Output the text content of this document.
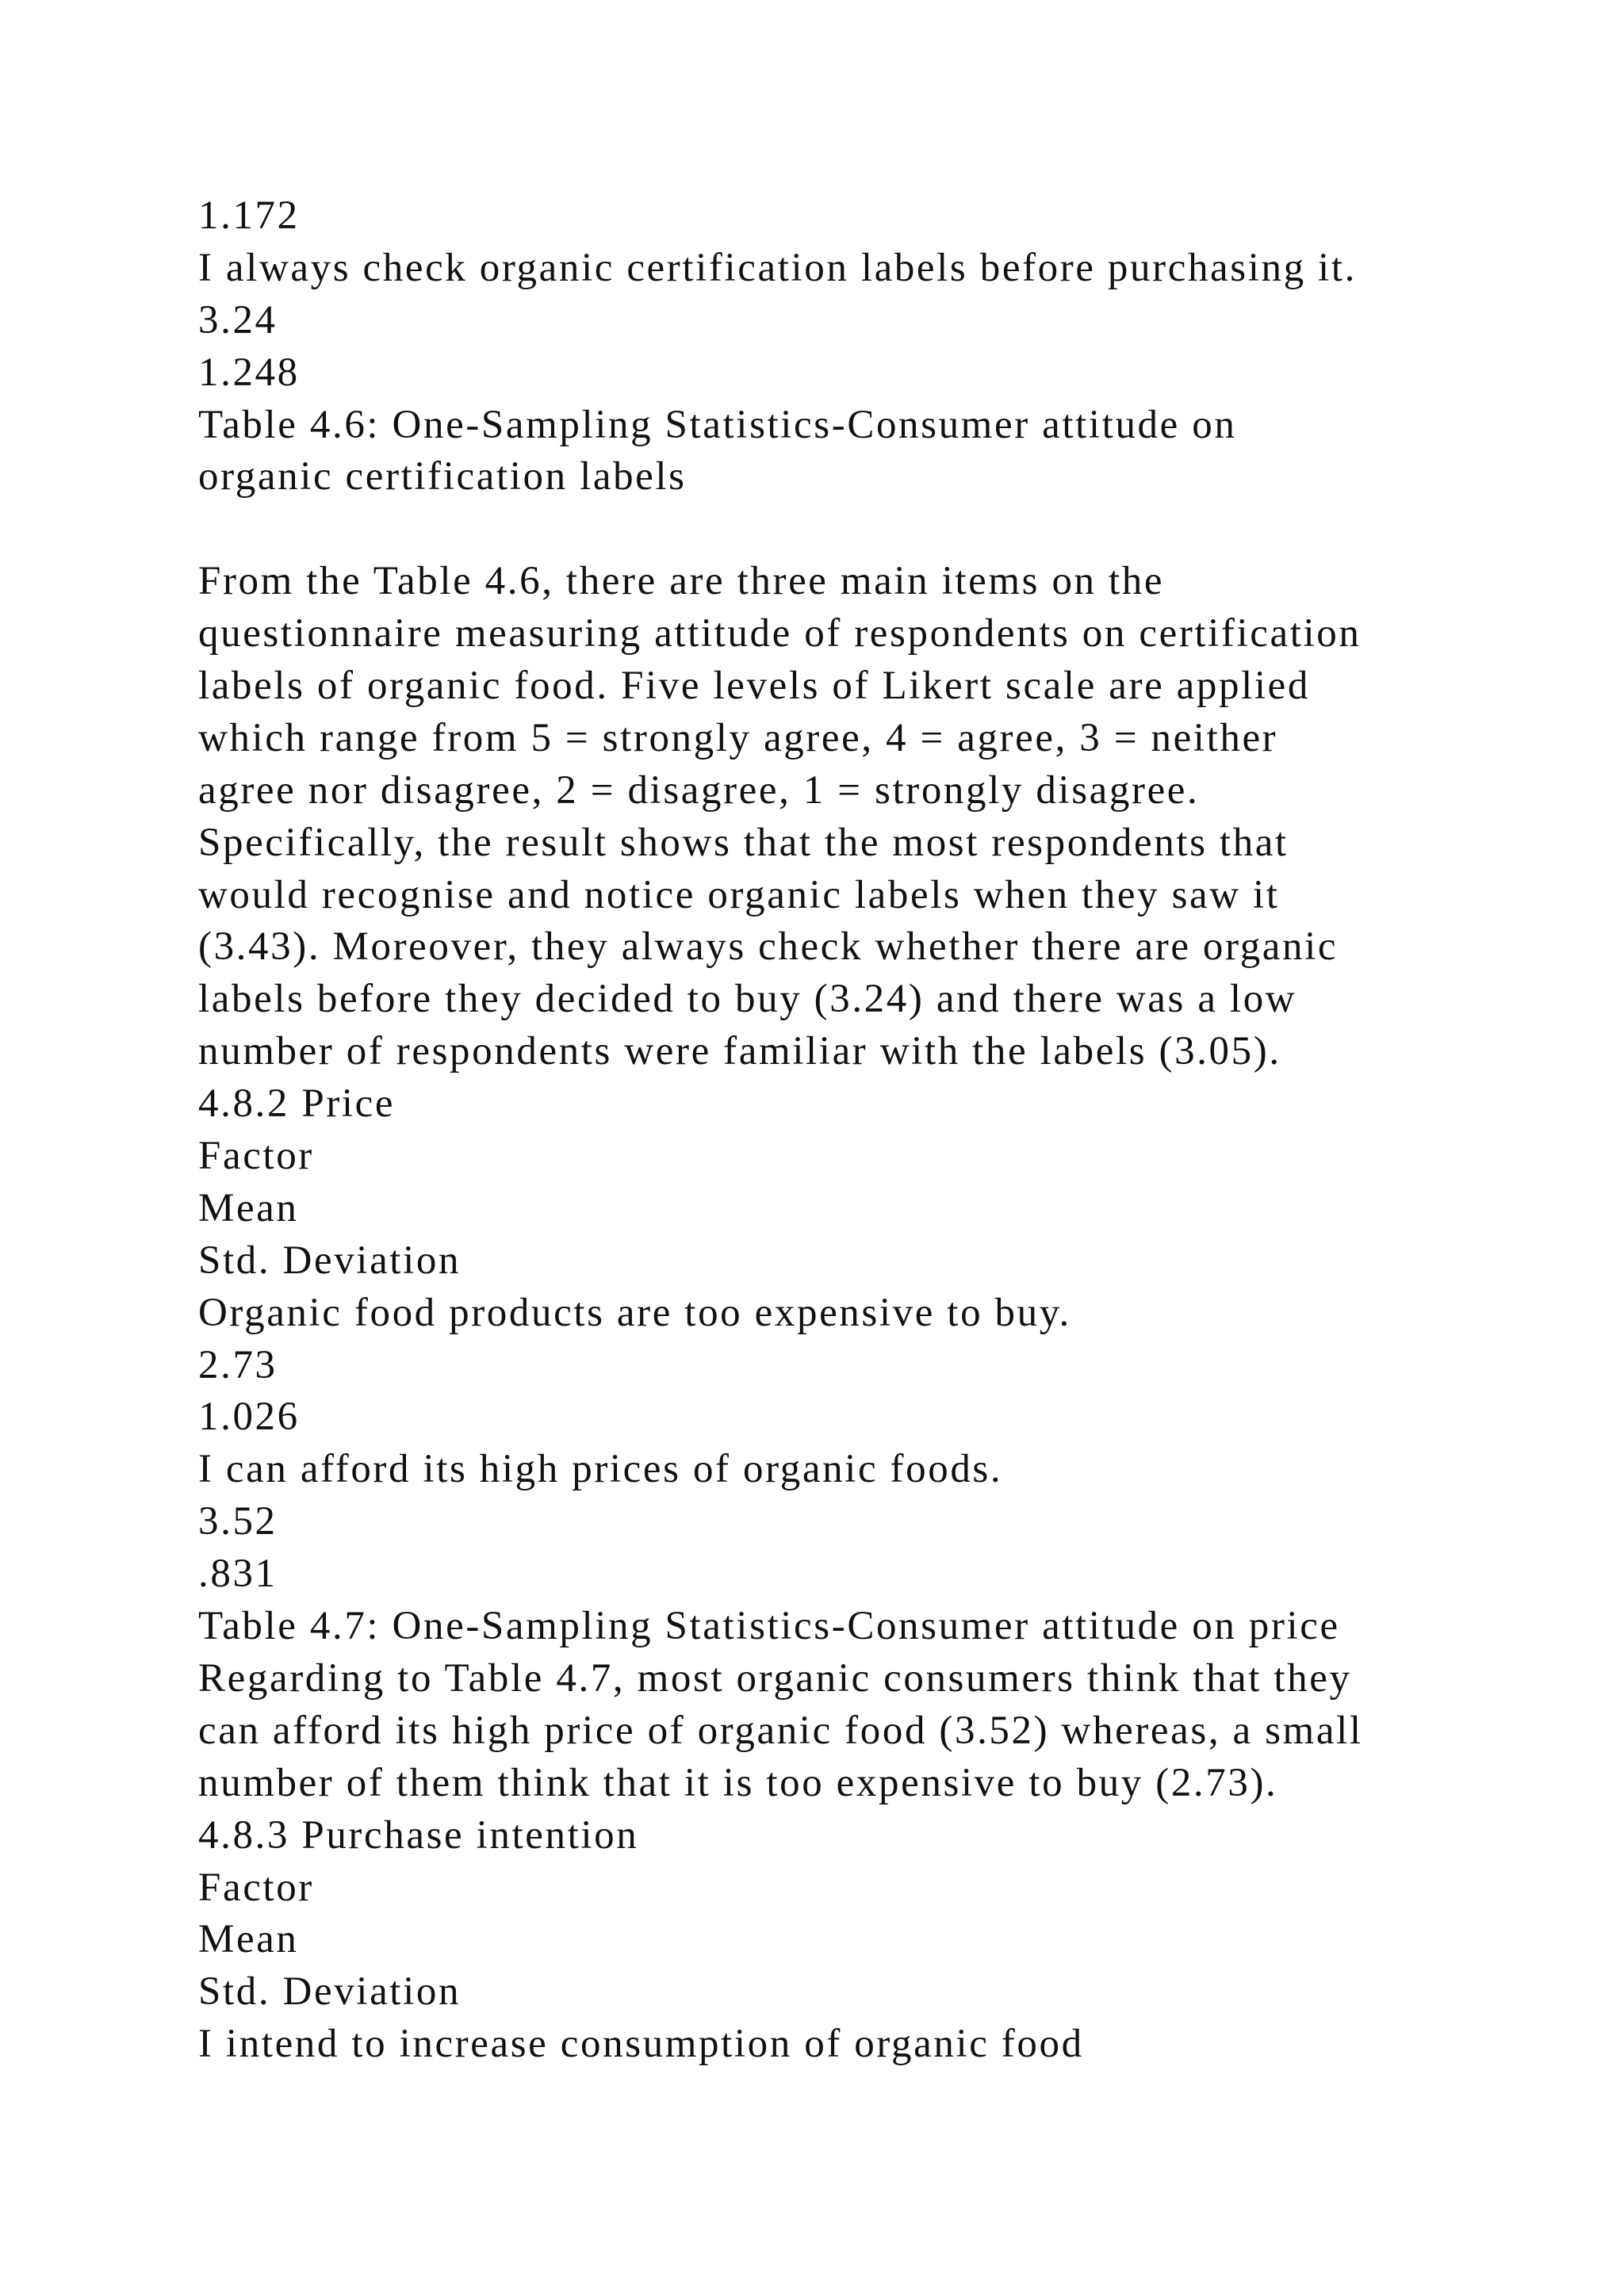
1.172
I always check organic certification labels before purchasing it.
3.24
1.248
Table 4.6: One-Sampling Statistics-Consumer attitude on
organic certification labels
From the Table 4.6, there are three main items on the
questionnaire measuring attitude of respondents on certification
labels of organic food. Five levels of Likert scale are applied
which range from 5 = strongly agree, 4 = agree, 3 = neither
agree nor disagree, 2 = disagree, 1 = strongly disagree.
Specifically, the result shows that the most respondents that
would recognise and notice organic labels when they saw it
(3.43). Moreover, they always check whether there are organic
labels before they decided to buy (3.24) and there was a low
number of respondents were familiar with the labels (3.05).
4.8.2 Price
Factor
Mean
Std. Deviation
Organic food products are too expensive to buy.
2.73
1.026
I can afford its high prices of organic foods.
3.52
.831
Table 4.7: One-Sampling Statistics-Consumer attitude on price
Regarding to Table 4.7, most organic consumers think that they
can afford its high price of organic food (3.52) whereas, a small
number of them think that it is too expensive to buy (2.73).
4.8.3 Purchase intention
Factor
Mean
Std. Deviation
I intend to increase consumption of organic food
